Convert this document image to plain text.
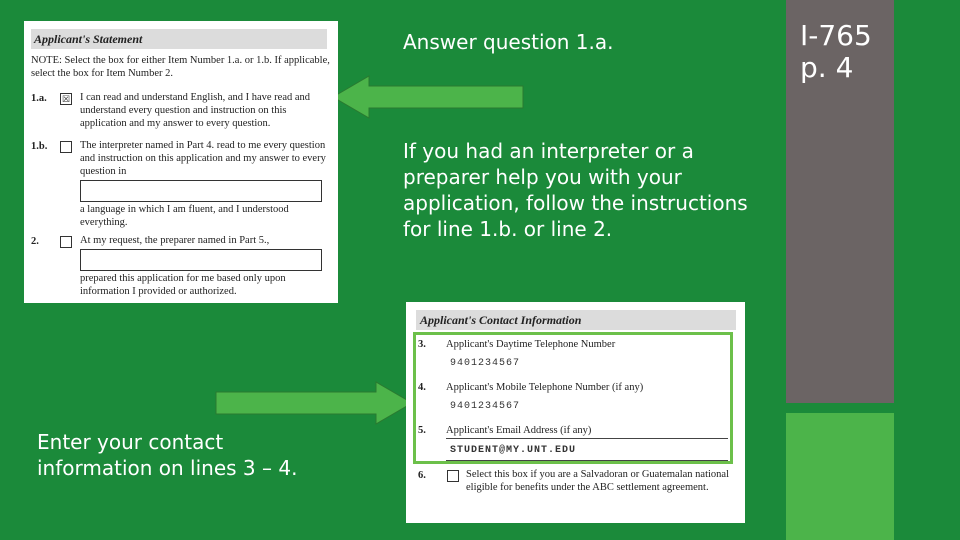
I-765
p. 4
Answer question 1.a.
If you had an interpreter or a preparer help you with your application, follow the instructions for line 1.b. or line 2.
Enter your contact information on lines 3 – 4.
Applicant's Statement
NOTE: Select the box for either Item Number 1.a. or 1.b. If applicable, select the box for Item Number 2.
1.a. ☒ I can read and understand English, and I have read and understand every question and instruction on this application and my answer to every question.
1.b.	The interpreter named in Part 4. read to me every question and instruction on this application and my answer to every question in
a language in which I am fluent, and I understood everything.
2.	At my request, the preparer named in Part 5.,
prepared this application for me based only upon information I provided or authorized.
Applicant's Contact Information
3. Applicant's Daytime Telephone Number
9401234567
4. Applicant's Mobile Telephone Number (if any)
9401234567
5. Applicant's Email Address (if any)
STUDENT@MY.UNT.EDU
6.	Select this box if you are a Salvadoran or Guatemalan national eligible for benefits under the ABC settlement agreement.
